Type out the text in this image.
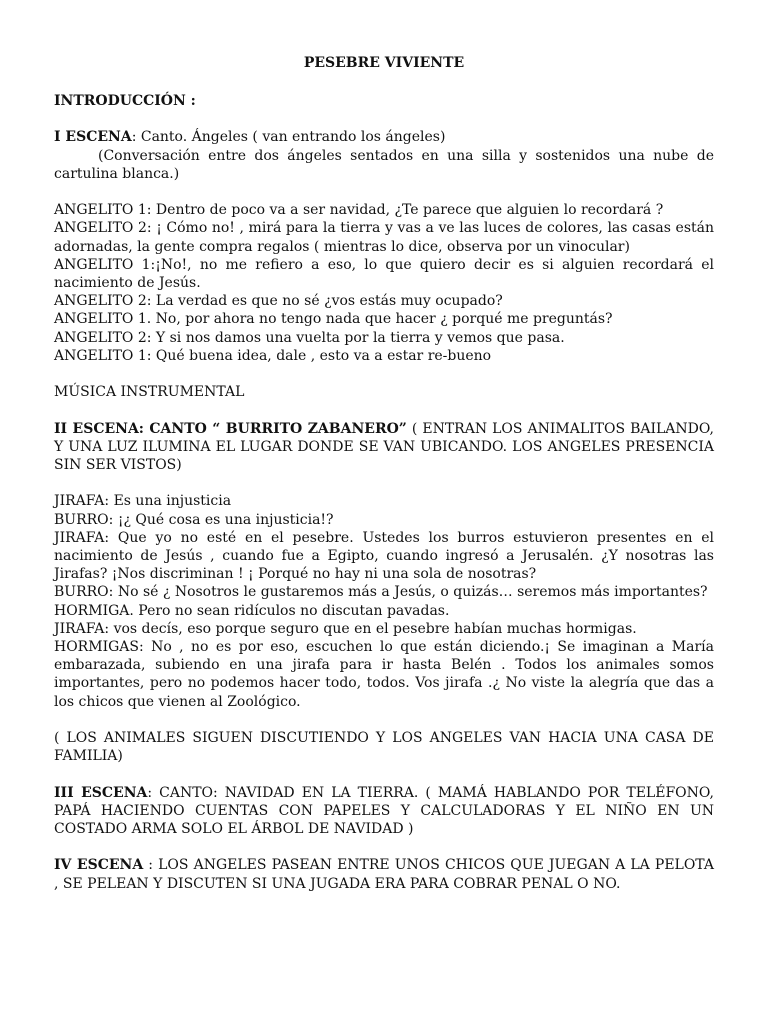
PESEBRE VIVIENTE

INTRODUCCIÓN :

I ESCENA: Canto. Ángeles ( van entrando los ángeles)

(Conversación entre dos ángeles sentados en una silla y sostenidos una nube de cartulina blanca.)

ANGELITO 1: Dentro de poco va a ser navidad, ¿Te parece que alguien lo recordará ?

ANGELITO 2: ¡ Cómo no! , mirá para la tierra y vas a ve las luces de colores, las casas están adornadas, la gente compra regalos ( mientras lo dice, observa por un vinocular)

ANGELITO 1:¡No!, no me refiero a eso, lo que quiero decir es si alguien recordará el nacimiento de Jesús.

ANGELITO 2: La verdad es que no sé ¿vos estás muy ocupado?

ANGELITO 1. No, por ahora no tengo nada que hacer ¿ porqué me preguntás?

ANGELITO 2: Y si nos damos una vuelta por la tierra y vemos que pasa.

ANGELITO 1: Qué buena idea, dale , esto va a estar re-bueno

MÚSICA INSTRUMENTAL

II ESCENA: CANTO “ BURRITO ZABANERO” ( ENTRAN LOS ANIMALITOS BAILANDO, Y UNA LUZ ILUMINA EL LUGAR DONDE SE VAN UBICANDO. LOS ANGELES PRESENCIA SIN SER VISTOS)

JIRAFA: Es una injusticia

BURRO: ¡¿ Qué cosa es una injusticia!?

JIRAFA: Que yo no esté en el pesebre. Ustedes los burros estuvieron presentes en el nacimiento de Jesús , cuando fue a Egipto, cuando ingresó a Jerusalén. ¿Y nosotras las Jirafas? ¡Nos discriminan ! ¡ Porqué no hay ni una sola de nosotras?

BURRO: No sé ¿ Nosotros le gustaremos más a Jesús, o quizás… seremos más importantes?

HORMIGA. Pero no sean ridículos no discutan pavadas.

JIRAFA: vos decís, eso porque seguro que en el pesebre habían muchas hormigas.

HORMIGAS: No , no es por eso, escuchen lo que están diciendo.¡ Se imaginan a María embarazada, subiendo en una jirafa para ir hasta Belén . Todos los animales somos importantes, pero no podemos hacer todo, todos. Vos jirafa .¿ No viste la alegría que das a los chicos que vienen al Zoológico.

( LOS ANIMALES SIGUEN DISCUTIENDO Y LOS ANGELES VAN HACIA UNA CASA DE FAMILIA)

III ESCENA: CANTO: NAVIDAD EN LA TIERRA. ( MAMÁ HABLANDO POR TELÉFONO, PAPÁ HACIENDO CUENTAS CON PAPELES Y CALCULADORAS Y EL NIÑO EN UN COSTADO ARMA SOLO EL ÁRBOL DE NAVIDAD )

IV ESCENA : LOS ANGELES PASEAN ENTRE UNOS CHICOS QUE JUEGAN A LA PELOTA , SE PELEAN Y DISCUTEN SI UNA JUGADA ERA PARA COBRAR PENAL O NO.
